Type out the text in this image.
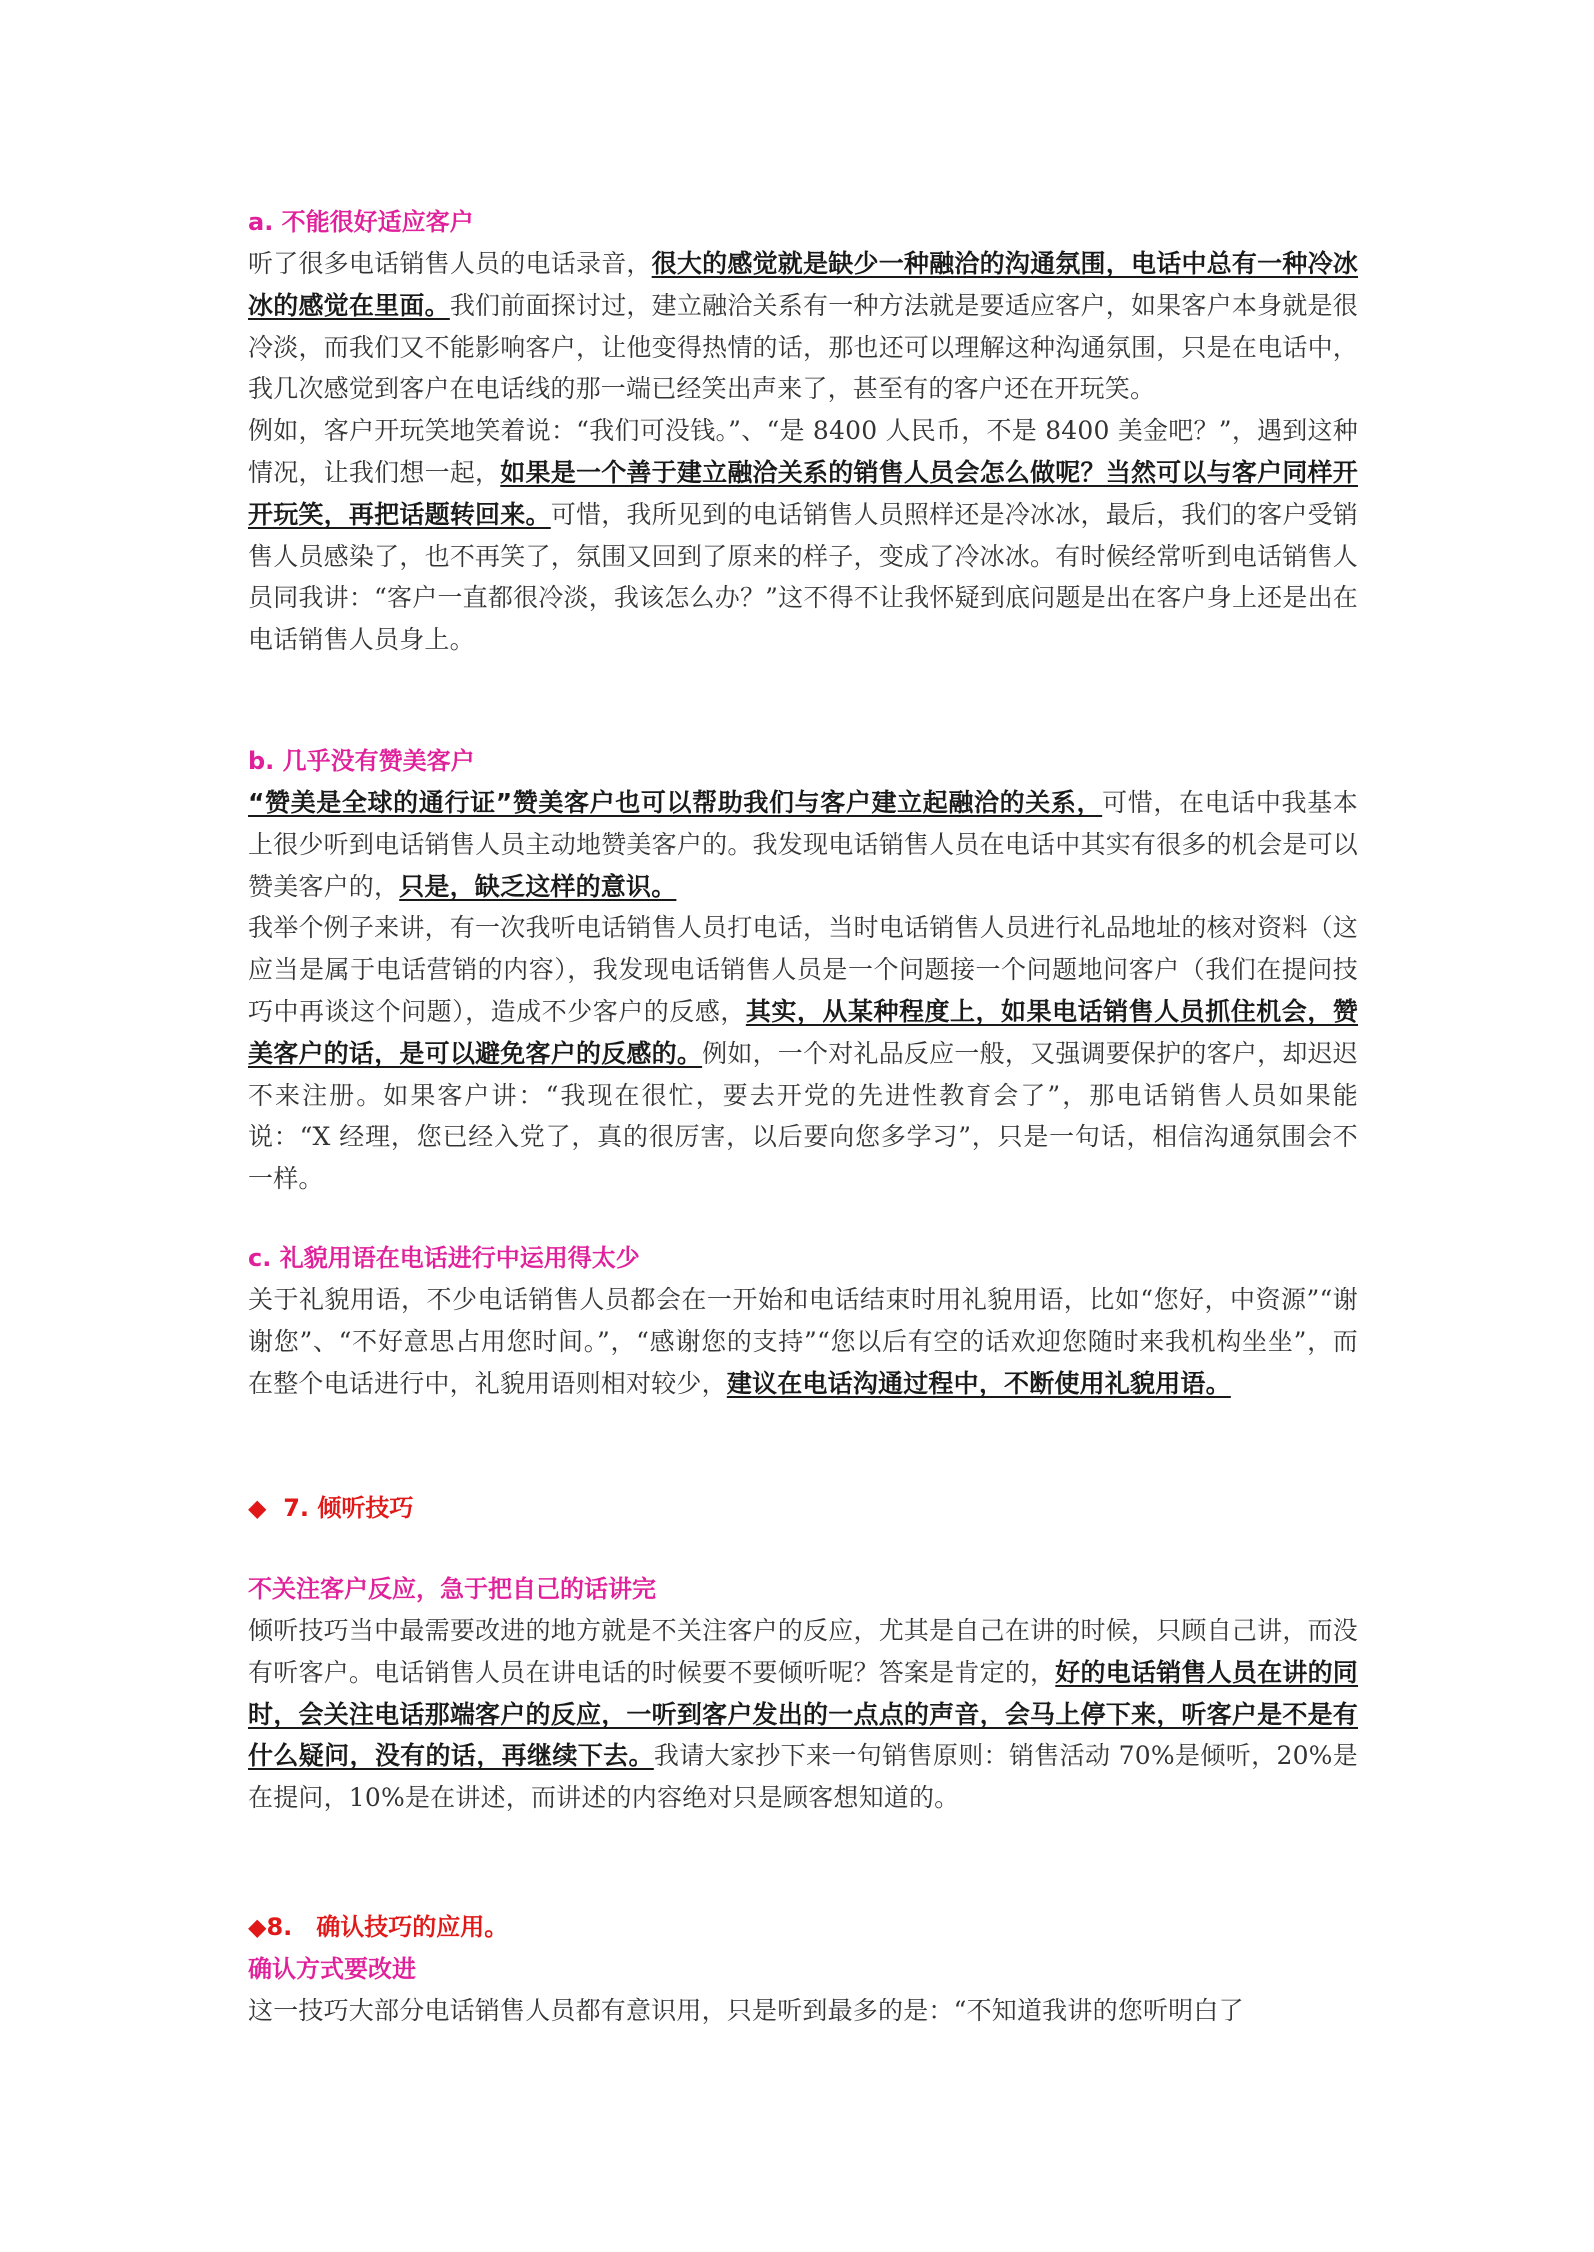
a. 不能很好适应客户
听了很多电话销售人员的电话录音，很大的感觉就是缺少一种融洽的沟通氛围，电话中总有一种冷冰冰的感觉在里面。我们前面探讨过，建立融洽关系有一种方法就是要适应客户，如果客户本身就是很冷淡，而我们又不能影响客户，让他变得热情的话，那也还可以理解这种沟通氛围，只是在电话中，我几次感觉到客户在电话线的那一端已经笑出声来了，甚至有的客户还在开玩笑。
例如，客户开玩笑地笑着说：“我们可没钱。”、“是 8400 人民币，不是 8400 美金吧？”，遇到这种情况，让我们想一起，如果是一个善于建立融洽关系的销售人员会怎么做呢？当然可以与客户同样开开玩笑，再把话题转回来。可惜，我所见到的电话销售人员照样还是冷冰冰，最后，我们的客户受销售人员感染了，也不再笑了，氛围又回到了原来的样子，变成了冷冰冰。有时候经常听到电话销售人员同我讲：“客户一直都很冷淡，我该怎么办？”这不得不让我怀疑到底问题是出在客户身上还是出在电话销售人员身上。
b. 几乎没有赞美客户
“赞美是全球的通行证”赞美客户也可以帮助我们与客户建立起融洽的关系，可惜，在电话中我基本上很少听到电话销售人员主动地赞美客户的。我发现电话销售人员在电话中其实有很多的机会是可以赞美客户的，只是，缺乏这样的意识。
我举个例子来讲，有一次我听电话销售人员打电话，当时电话销售人员进行礼品地址的核对资料（这应当是属于电话营销的内容），我发现电话销售人员是一个问题接一个问题地问客户（我们在提问技巧中再谈这个问题），造成不少客户的反感，其实，从某种程度上，如果电话销售人员抓住机会，赞美客户的话，是可以避免客户的反感的。例如，一个对礼品反应一般，又强调要保护的客户，却迟迟不来注册。如果客户讲：“我现在很忙，要去开党的先进性教育会了”，那电话销售人员如果能说：“X 经理，您已经入党了，真的很厉害，以后要向您多学习”，只是一句话，相信沟通氛围会不一样。
c. 礼貌用语在电话进行中运用得太少
关于礼貌用语，不少电话销售人员都会在一开始和电话结束时用礼貌用语，比如“您好，中资源”“谢谢您”、“不好意思占用您时间。”，“感谢您的支持”“您以后有空的话欢迎您随时来我机构坐坐”，而在整个电话进行中，礼貌用语则相对较少，建议在电话沟通过程中，不断使用礼貌用语。
◆ 7. 倾听技巧
不关注客户反应，急于把自己的话讲完
倾听技巧当中最需要改进的地方就是不关注客户的反应，尤其是自己在讲的时候，只顾自己讲，而没有听客户。电话销售人员在讲电话的时候要不要倾听呢？答案是肯定的，好的电话销售人员在讲的同时，会关注电话那端客户的反应，一听到客户发出的一点点的声音，会马上停下来，听客户是不是有什么疑问，没有的话，再继续下去。我请大家抄下来一句销售原则：销售活动 70%是倾听，20%是在提问，10%是在讲述，而讲述的内容绝对只是顾客想知道的。
◆8.　确认技巧的应用。
确认方式要改进
这一技巧大部分电话销售人员都有意识用，只是听到最多的是：“不知道我讲的您听明白了
